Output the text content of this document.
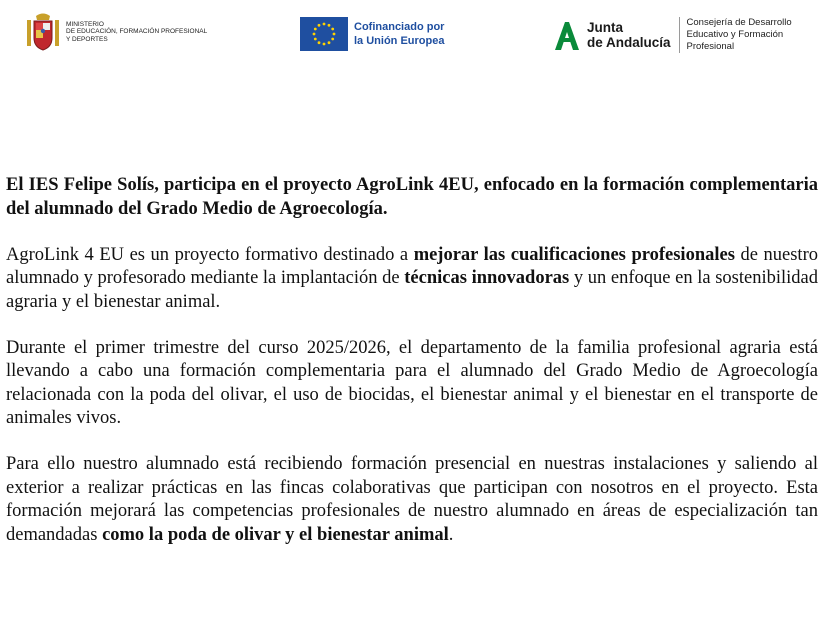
MINISTERIO
DE EDUCACIÓN, FORMACIÓN PROFESIONAL
Y DEPORTES
Cofinanciado por
la Unión Europea
Junta
de Andalucía
Consejería de Desarrollo
Educativo y Formación
Profesional

El IES Felipe Solís, participa en el proyecto AgroLink 4EU, enfocado en la formación complementaria del alumnado del Grado Medio de Agroecología.

AgroLink 4 EU es un proyecto formativo destinado a mejorar las cualificaciones profesionales de nuestro alumnado y profesorado mediante la implantación de técnicas innovadoras y un enfoque en la sostenibilidad agraria y el bienestar animal.

Durante el primer trimestre del curso 2025/2026, el departamento de la familia profesional agraria está llevando a cabo una formación complementaria para el alumnado del Grado Medio de Agroecología relacionada con la poda del olivar, el uso de biocidas, el bienestar animal y el bienestar en el transporte de animales vivos.

Para ello nuestro alumnado está recibiendo formación presencial en nuestras instalaciones y saliendo al exterior a realizar prácticas en las fincas colaborativas que participan con nosotros en el proyecto. Esta formación mejorará las competencias profesionales de nuestro alumnado en áreas de especialización tan demandadas como la poda de olivar y el bienestar animal.
